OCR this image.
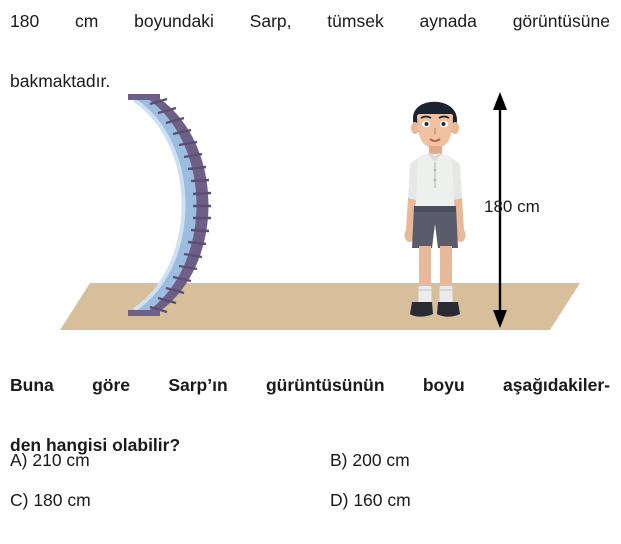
180 cm boyundaki Sarp, tümsek aynada görüntüsüne
bakmaktadır.
180 cm
Buna göre Sarp’ın gürüntüsünün boyu aşağıdakiler-
den hangisi olabilir?
A) 210 cm	B) 200 cm
C) 180 cm	D) 160 cm
